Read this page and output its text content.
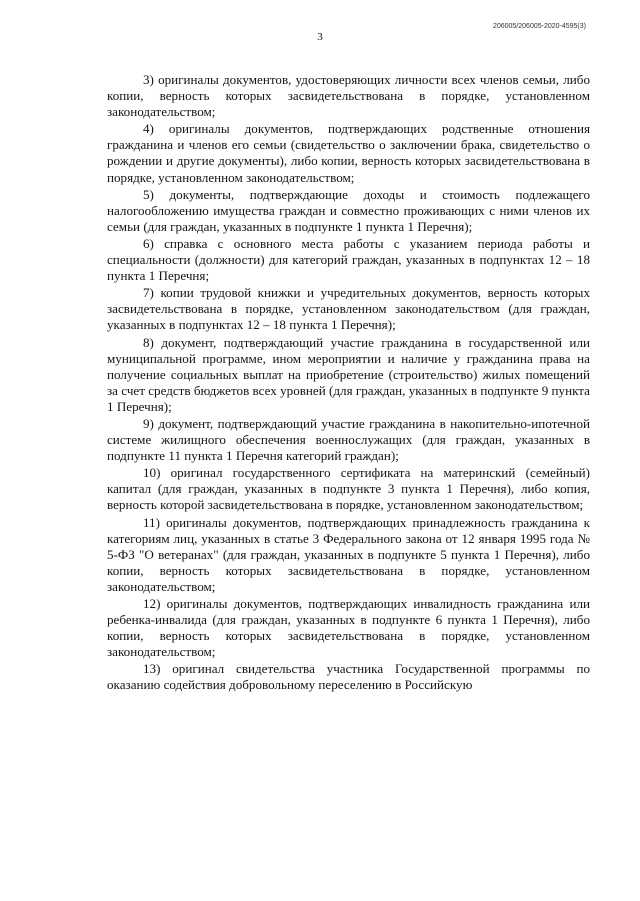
206005/206005-2020-4595(3)
3

3) оригиналы документов, удостоверяющих личности всех членов семьи, либо копии, верность которых засвидетельствована в порядке, установленном законодательством;

4) оригиналы документов, подтверждающих родственные отношения гражданина и членов его семьи (свидетельство о заключении брака, свидетельство о рождении и другие документы), либо копии, верность которых засвидетельствована в порядке, установленном законодательством;

5) документы, подтверждающие доходы и стоимость подлежащего налогообложению имущества граждан и совместно проживающих с ними членов их семьи (для граждан, указанных в подпункте 1 пункта 1 Перечня);

6) справка с основного места работы с указанием периода работы и специальности (должности) для категорий граждан, указанных в подпунктах 12 – 18 пункта 1 Перечня;

7) копии трудовой книжки и учредительных документов, верность которых засвидетельствована в порядке, установленном законодательством (для граждан, указанных в подпунктах 12 – 18 пункта 1 Перечня);

8) документ, подтверждающий участие гражданина в государственной или муниципальной программе, ином мероприятии и наличие у гражданина права на получение социальных выплат на приобретение (строительство) жилых помещений за счет средств бюджетов всех уровней (для граждан, указанных в подпункте 9 пункта 1 Перечня);

9) документ, подтверждающий участие гражданина в накопительно-ипотечной системе жилищного обеспечения военнослужащих (для граждан, указанных в подпункте 11 пункта 1 Перечня категорий граждан);

10) оригинал государственного сертификата на материнский (семейный) капитал (для граждан, указанных в подпункте 3 пункта 1 Перечня), либо копия, верность которой засвидетельствована в порядке, установленном законодательством;

11) оригиналы документов, подтверждающих принадлежность гражданина к категориям лиц, указанных в статье 3 Федерального закона от 12 января 1995 года № 5-ФЗ "О ветеранах" (для граждан, указанных в подпункте 5 пункта 1 Перечня), либо копии, верность которых засвидетельствована в порядке, установленном законодательством;

12) оригиналы документов, подтверждающих инвалидность гражданина или ребенка-инвалида (для граждан, указанных в подпункте 6 пункта 1 Перечня), либо копии, верность которых засвидетельствована в порядке, установленном законодательством;

13) оригинал свидетельства участника Государственной программы по оказанию содействия добровольному переселению в Российскую
